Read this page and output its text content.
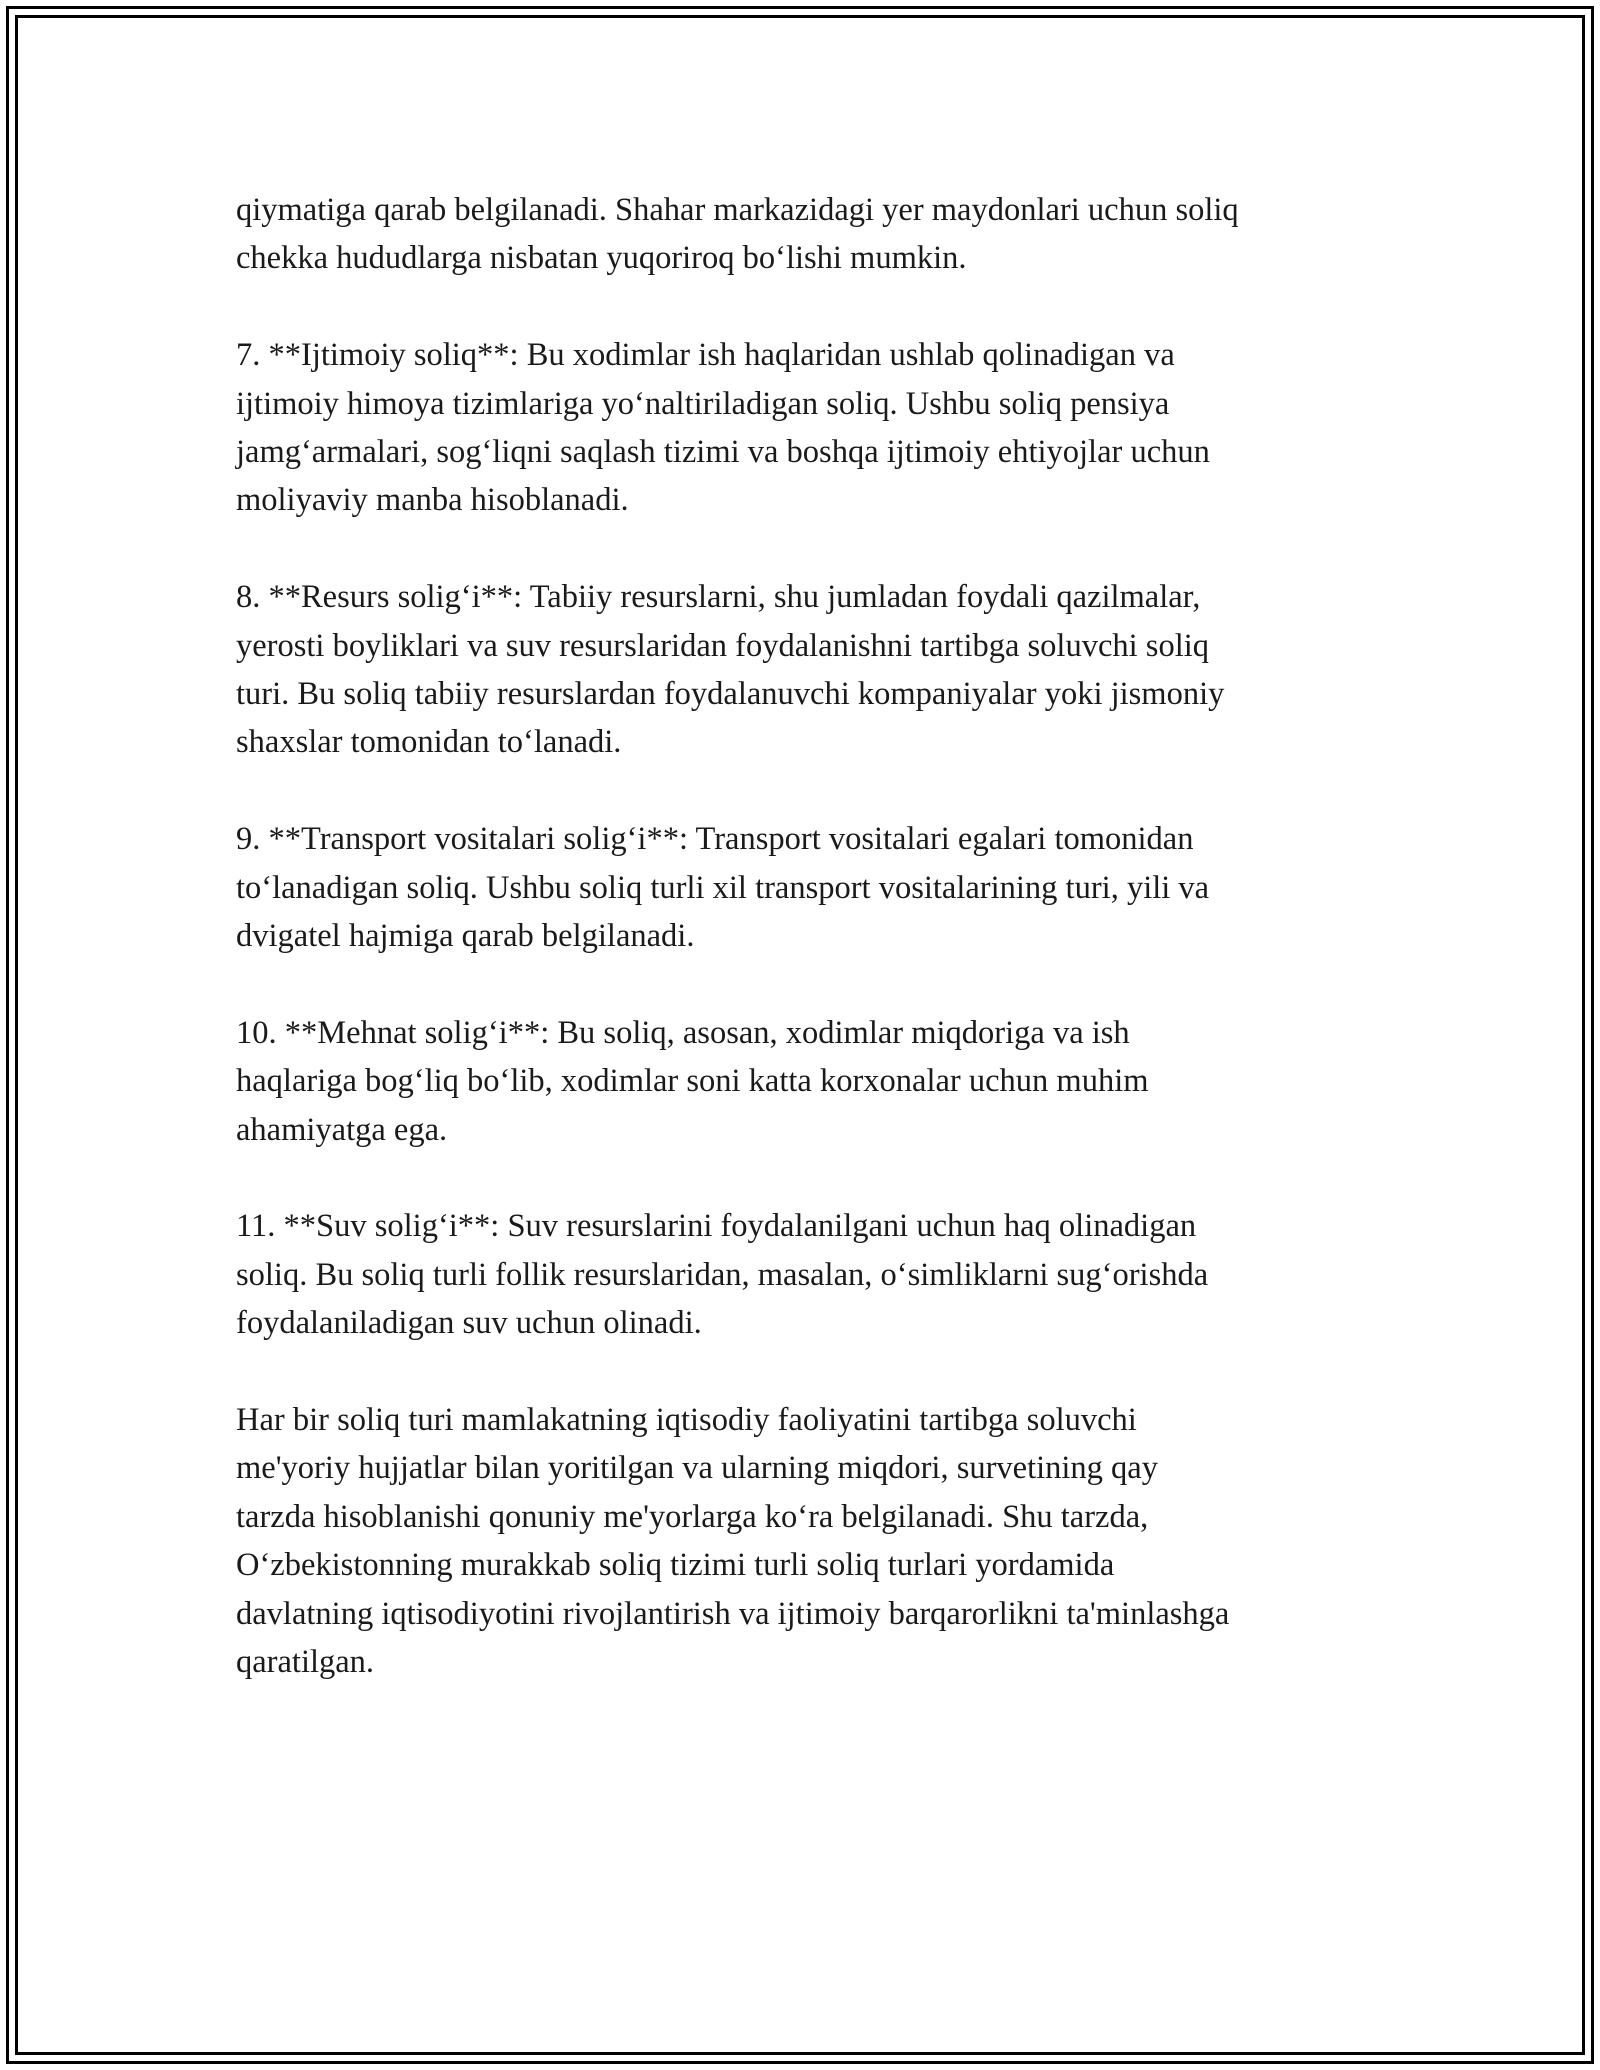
qiymatiga qarab belgilanadi. Shahar markazidagi yer maydonlari uchun soliq
chekka hududlarga nisbatan yuqoriroq bo‘lishi mumkin.

7. **Ijtimoiy soliq**: Bu xodimlar ish haqlaridan ushlab qolinadigan va
ijtimoiy himoya tizimlariga yo‘naltiriladigan soliq. Ushbu soliq pensiya
jamg‘armalari, sog‘liqni saqlash tizimi va boshqa ijtimoiy ehtiyojlar uchun
moliyaviy manba hisoblanadi.

8. **Resurs solig‘i**: Tabiiy resurslarni, shu jumladan foydali qazilmalar,
yerosti boyliklari va suv resurslaridan foydalanishni tartibga soluvchi soliq
turi. Bu soliq tabiiy resurslardan foydalanuvchi kompaniyalar yoki jismoniy
shaxslar tomonidan to‘lanadi.

9. **Transport vositalari solig‘i**: Transport vositalari egalari tomonidan
to‘lanadigan soliq. Ushbu soliq turli xil transport vositalarining turi, yili va
dvigatel hajmiga qarab belgilanadi.

10. **Mehnat solig‘i**: Bu soliq, asosan, xodimlar miqdoriga va ish
haqlariga bog‘liq bo‘lib, xodimlar soni katta korxonalar uchun muhim
ahamiyatga ega.

11. **Suv solig‘i**: Suv resurslarini foydalanilgani uchun haq olinadigan
soliq. Bu soliq turli follik resurslaridan, masalan, o‘simliklarni sug‘orishda
foydalaniladigan suv uchun olinadi.

Har bir soliq turi mamlakatning iqtisodiy faoliyatini tartibga soluvchi
me'yoriy hujjatlar bilan yoritilgan va ularning miqdori, survetining qay
tarzda hisoblanishi qonuniy me'yorlarga ko‘ra belgilanadi. Shu tarzda,
O‘zbekistonning murakkab soliq tizimi turli soliq turlari yordamida
davlatning iqtisodiyotini rivojlantirish va ijtimoiy barqarorlikni ta'minlashga
qaratilgan.
